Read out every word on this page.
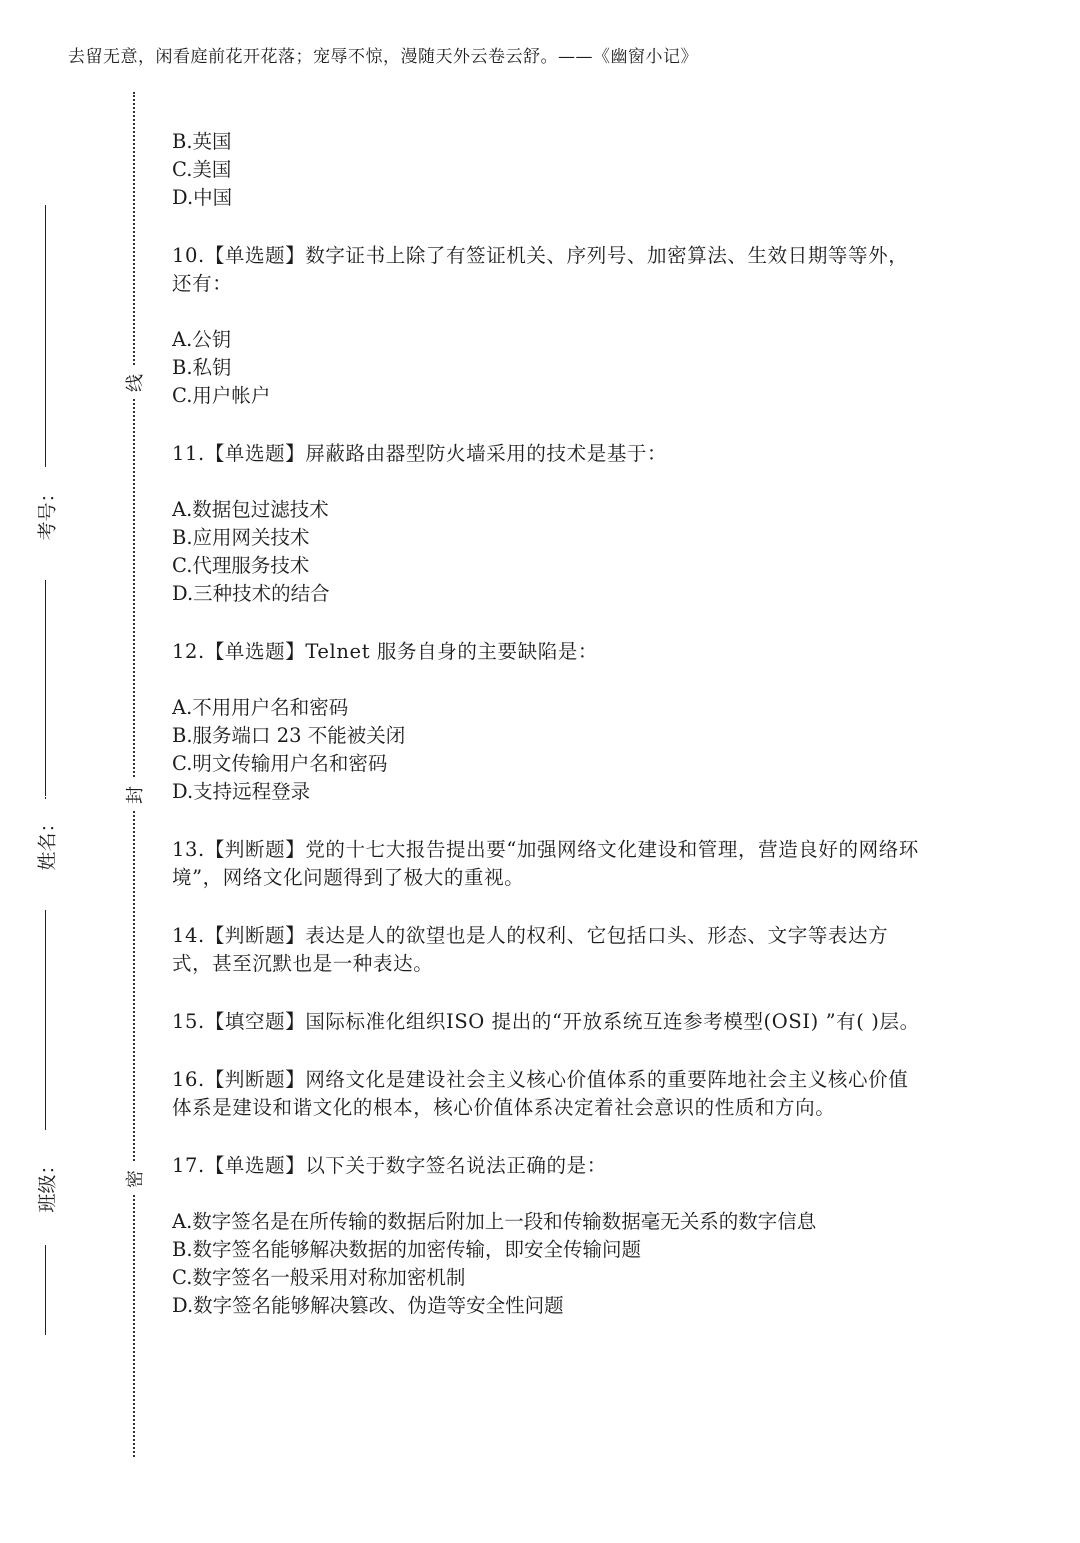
去留无意，闲看庭前花开花落；宠辱不惊，漫随天外云卷云舒。——《幽窗小记》
线
封
密
考号：
姓名：
班级：
B.英国
C.美国
D.中国
10.【单选题】数字证书上除了有签证机关、序列号、加密算法、生效日期等等外，还有：
A.公钥
B.私钥
C.用户帐户
11.【单选题】屏蔽路由器型防火墙采用的技术是基于：
A.数据包过滤技术
B.应用网关技术
C.代理服务技术
D.三种技术的结合
12.【单选题】Telnet 服务自身的主要缺陷是：
A.不用用户名和密码
B.服务端口 23 不能被关闭
C.明文传输用户名和密码
D.支持远程登录
13.【判断题】党的十七大报告提出要“加强网络文化建设和管理，营造良好的网络环境”，网络文化问题得到了极大的重视。
14.【判断题】表达是人的欲望也是人的权利、它包括口头、形态、文字等表达方式，甚至沉默也是一种表达。
15.【填空题】国际标准化组织ISO 提出的“开放系统互连参考模型(OSI) ”有( )层。
16.【判断题】网络文化是建设社会主义核心价值体系的重要阵地社会主义核心价值体系是建设和谐文化的根本，核心价值体系决定着社会意识的性质和方向。
17.【单选题】以下关于数字签名说法正确的是：
A.数字签名是在所传输的数据后附加上一段和传输数据毫无关系的数字信息
B.数字签名能够解决数据的加密传输，即安全传输问题
C.数字签名一般采用对称加密机制
D.数字签名能够解决篡改、伪造等安全性问题
